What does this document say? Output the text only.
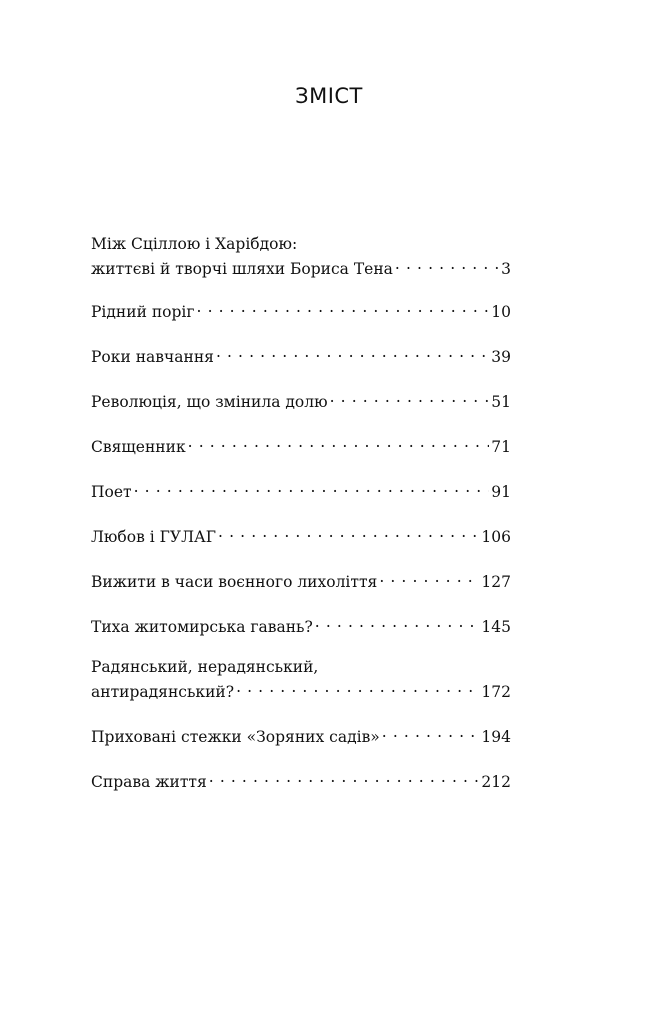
ЗМІСТ
Між Сціллою і Харібдою:
життєві й творчі шляхи Бориса Тена . . .	3
Рідний поріг . . .	10
Роки навчання . . .	39
Революція, що змінила долю . . .	51
Священник . . .	71
Поет . . .	91
Любов і ГУЛАГ . . .	106
Вижити в часи воєнного лихоліття . . .	127
Тиха житомирська гавань? . . .	145
Радянський, нерадянський,
антирадянський? . . .	172
Приховані стежки «Зоряних садів» . . .	194
Справа життя . . .	212
